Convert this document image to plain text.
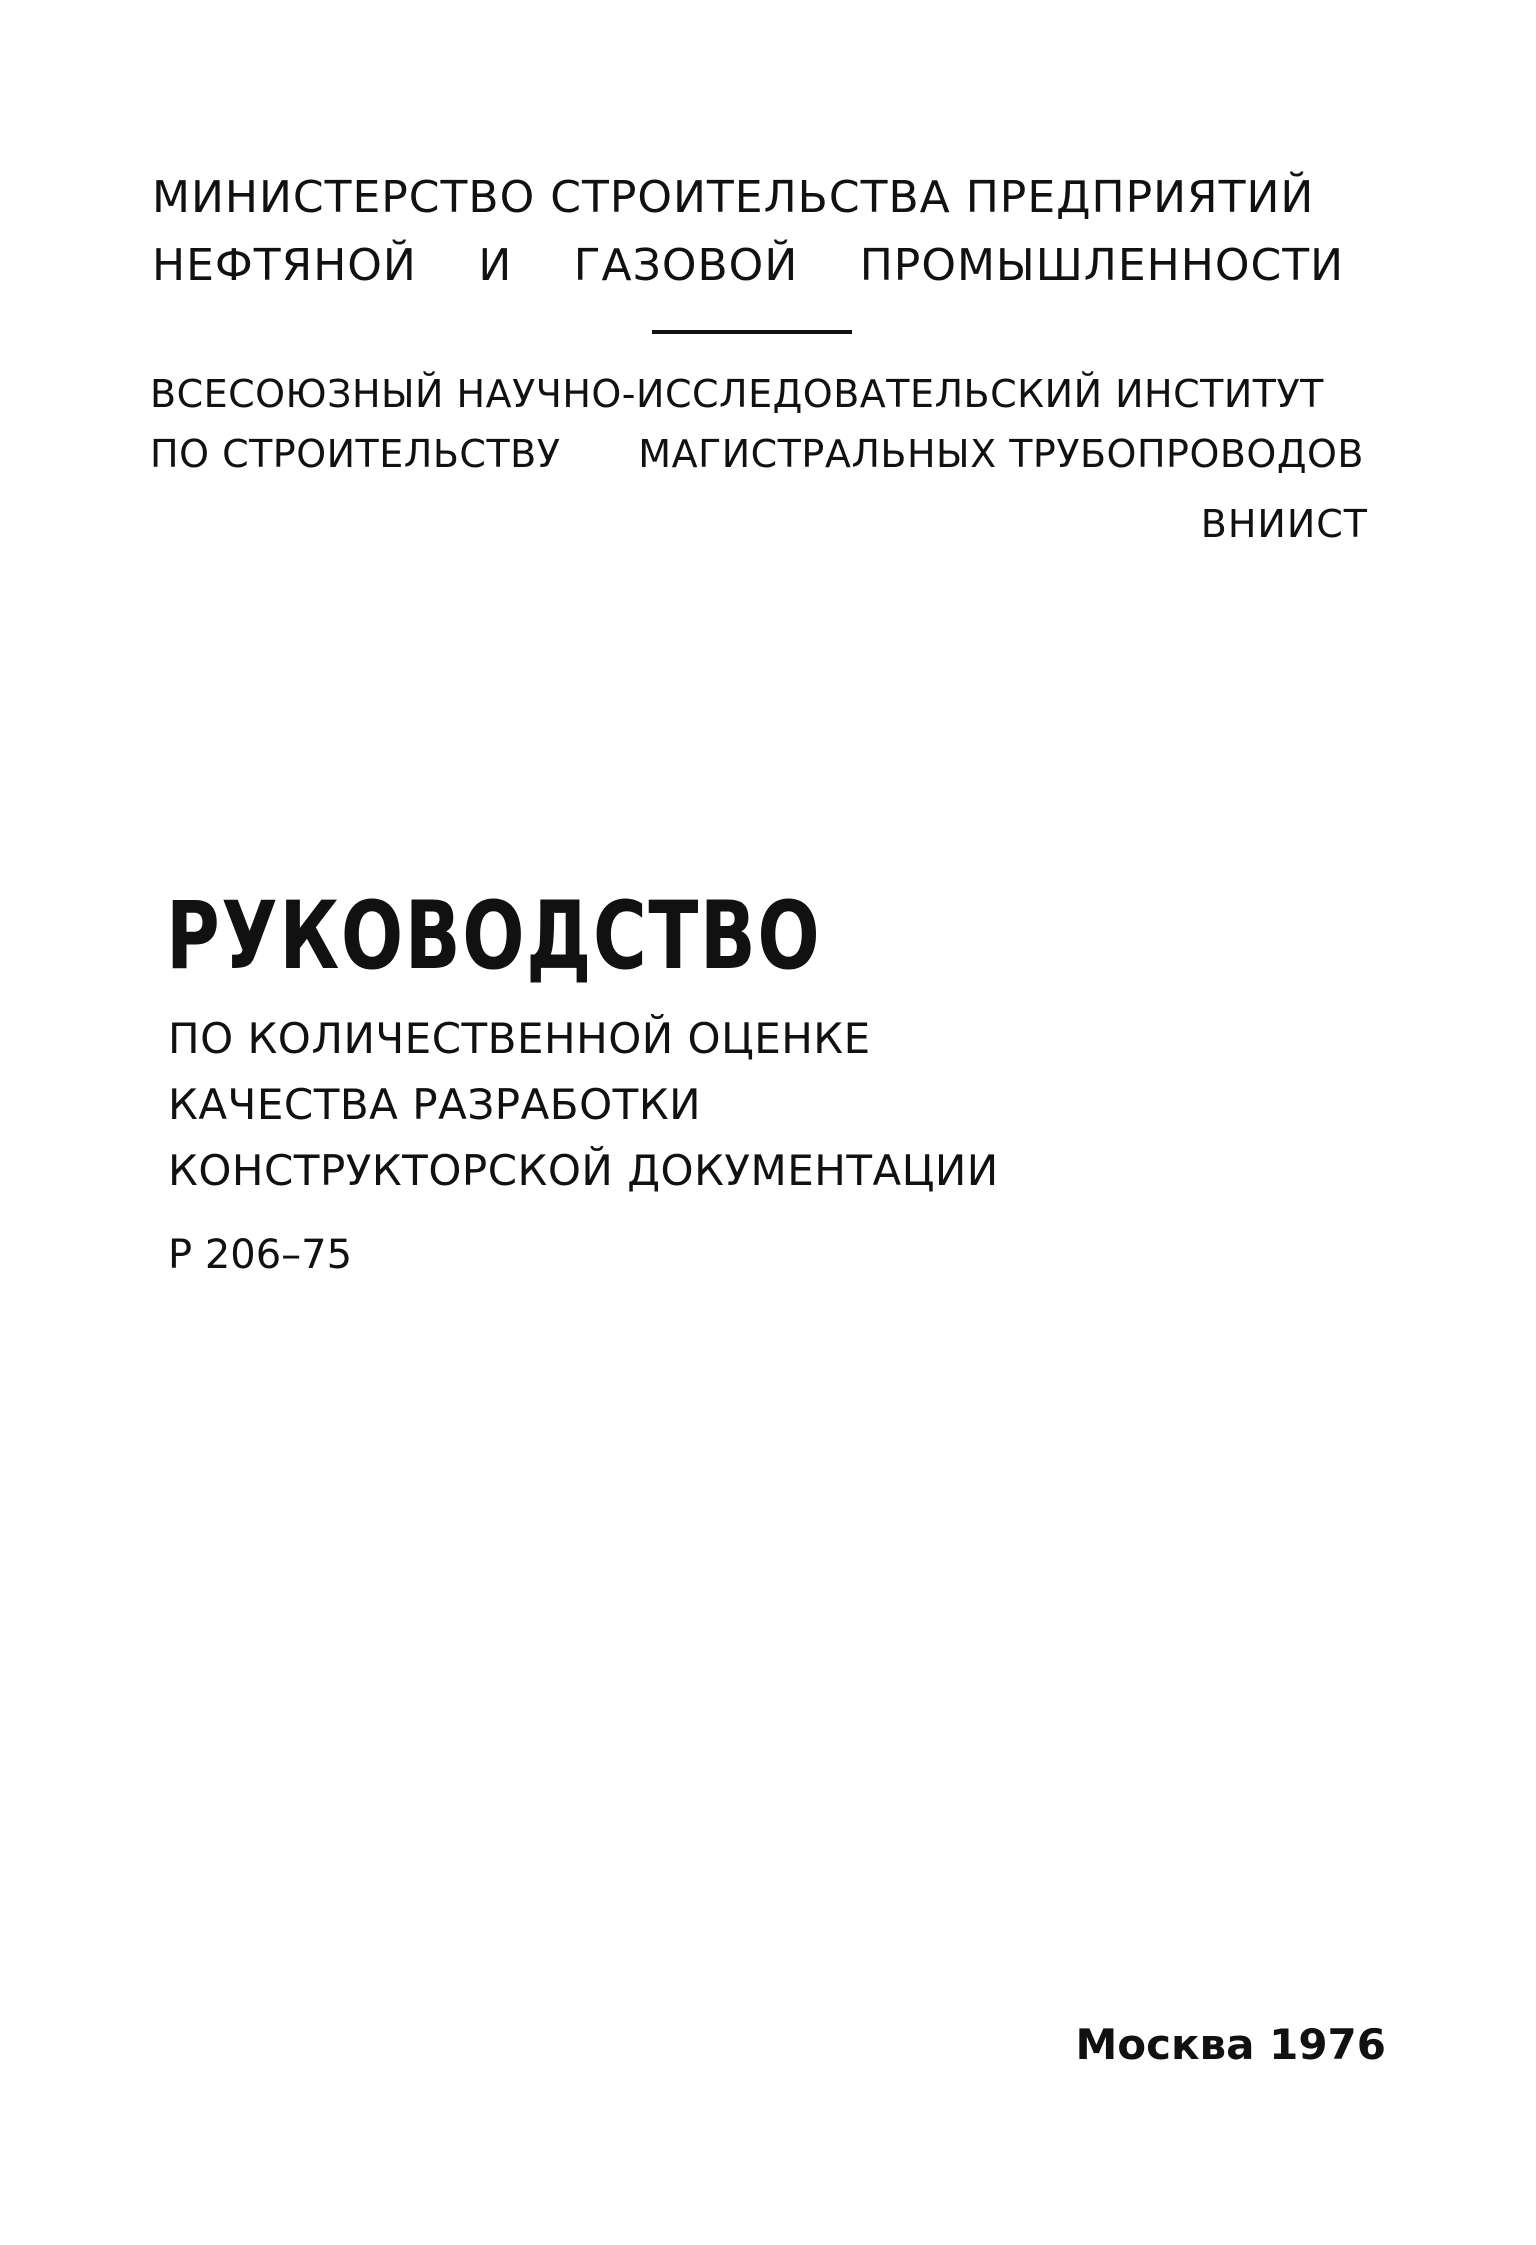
МИНИСТЕРСТВО СТРОИТЕЛЬСТВА ПРЕДПРИЯТИЙ
НЕФТЯНОЙ И ГАЗОВОЙ ПРОМЫШЛЕННОСТИ
ВСЕСОЮЗНЫЙ НАУЧНО-ИССЛЕДОВАТЕЛЬСКИЙ ИНСТИТУТ
ПО СТРОИТЕЛЬСТВУ МАГИСТРАЛЬНЫХ ТРУБОПРОВОДОВ
ВНИИСТ
РУКОВОДСТВО
ПО КОЛИЧЕСТВЕННОЙ ОЦЕНКЕ
КАЧЕСТВА РАЗРАБОТКИ
КОНСТРУКТОРСКОЙ ДОКУМЕНТАЦИИ
Р 206–75
Москва 1976
